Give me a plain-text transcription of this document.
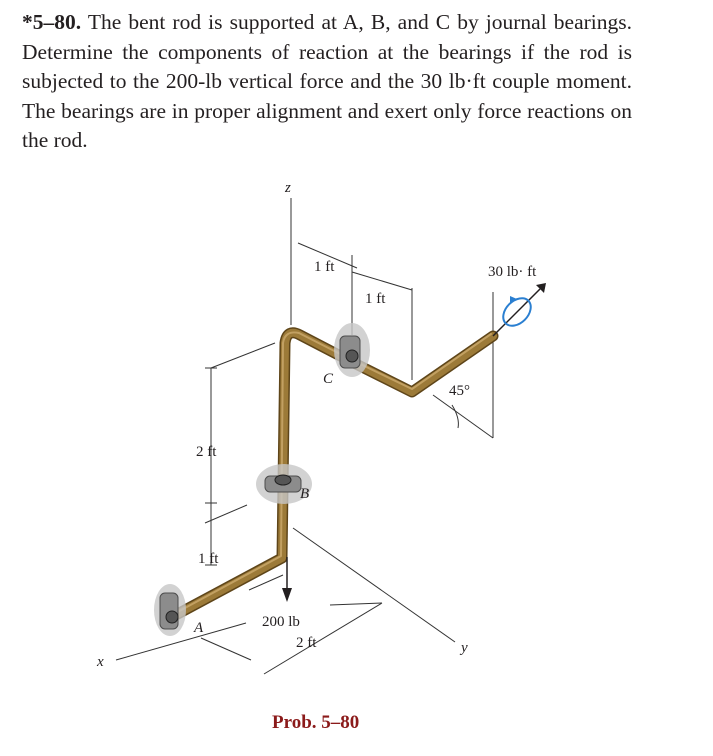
*5–80. The bent rod is supported at A, B, and C by journal bearings. Determine the components of reaction at the bearings if the rod is subjected to the 200-lb vertical force and the 30 lb·ft couple moment. The bearings are in proper alignment and exert only force reactions on the rod.

z
x
y
1 ft
1 ft
2 ft
1 ft
2 ft
45°
A
B
C
200 lb
30 lb· ft
Prob. 5–80
